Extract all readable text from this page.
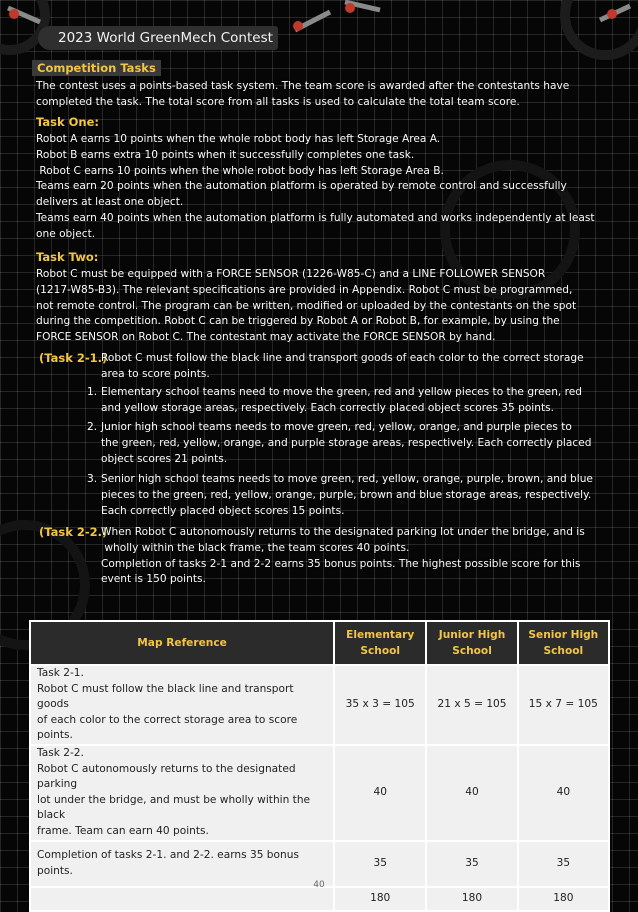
2023 World GreenMech Contest
Competition Tasks
The contest uses a points-based task system. The team score is awarded after the contestants have
completed the task. The total score from all tasks is used to calculate the total team score.
Task One:
Robot A earns 10 points when the whole robot body has left Storage Area A.
Robot B earns extra 10 points when it successfully completes one task.
Robot C earns 10 points when the whole robot body has left Storage Area B.
Teams earn 20 points when the automation platform is operated by remote control and successfully
delivers at least one object.
Teams earn 40 points when the automation platform is fully automated and works independently at least
one object.
Task Two:
Robot C must be equipped with a FORCE SENSOR (1226-W85-C) and a LINE FOLLOWER SENSOR
(1217-W85-B3). The relevant specifications are provided in Appendix. Robot C must be programmed,
not remote control. The program can be written, modified or uploaded by the contestants on the spot
during the competition. Robot C can be triggered by Robot A or Robot B, for example, by using the
FORCE SENSOR on Robot C. The contestant may activate the FORCE SENSOR by hand.
(Task 2-1.)
Robot C must follow the black line and transport goods of each color to the correct storage
area to score points.
1. Elementary school teams need to move the green, red and yellow pieces to the green, red
and yellow storage areas, respectively. Each correctly placed object scores 35 points.
2. Junior high school teams needs to move green, red, yellow, orange, and purple pieces to
the green, red, yellow, orange, and purple storage areas, respectively. Each correctly placed
object scores 21 points.
3. Senior high school teams needs to move green, red, yellow, orange, purple, brown, and blue
pieces to the green, red, yellow, orange, purple, brown and blue storage areas, respectively.
Each correctly placed object scores 15 points.
(Task 2-2.)
When Robot C autonomously returns to the designated parking lot under the bridge, and is
wholly within the black frame, the team scores 40 points.
Completion of tasks 2-1 and 2-2 earns 35 bonus points. The highest possible score for this
event is 150 points.
Map Reference	Elementary School	Junior High School	Senior High School

Task 2-1.
Robot C must follow the black line and transport goods
of each color to the correct storage area to score points.	35 x 3 = 105	21 x 5 = 105	15 x 7 = 105

Task 2-2.
Robot C autonomously returns to the designated parking
lot under the bridge, and must be wholly within the black
frame. Team can earn 40 points.	40	40	40

Completion of tasks 2-1. and 2-2. earns 35 bonus points.	35	35	35
	180	180	180
40
